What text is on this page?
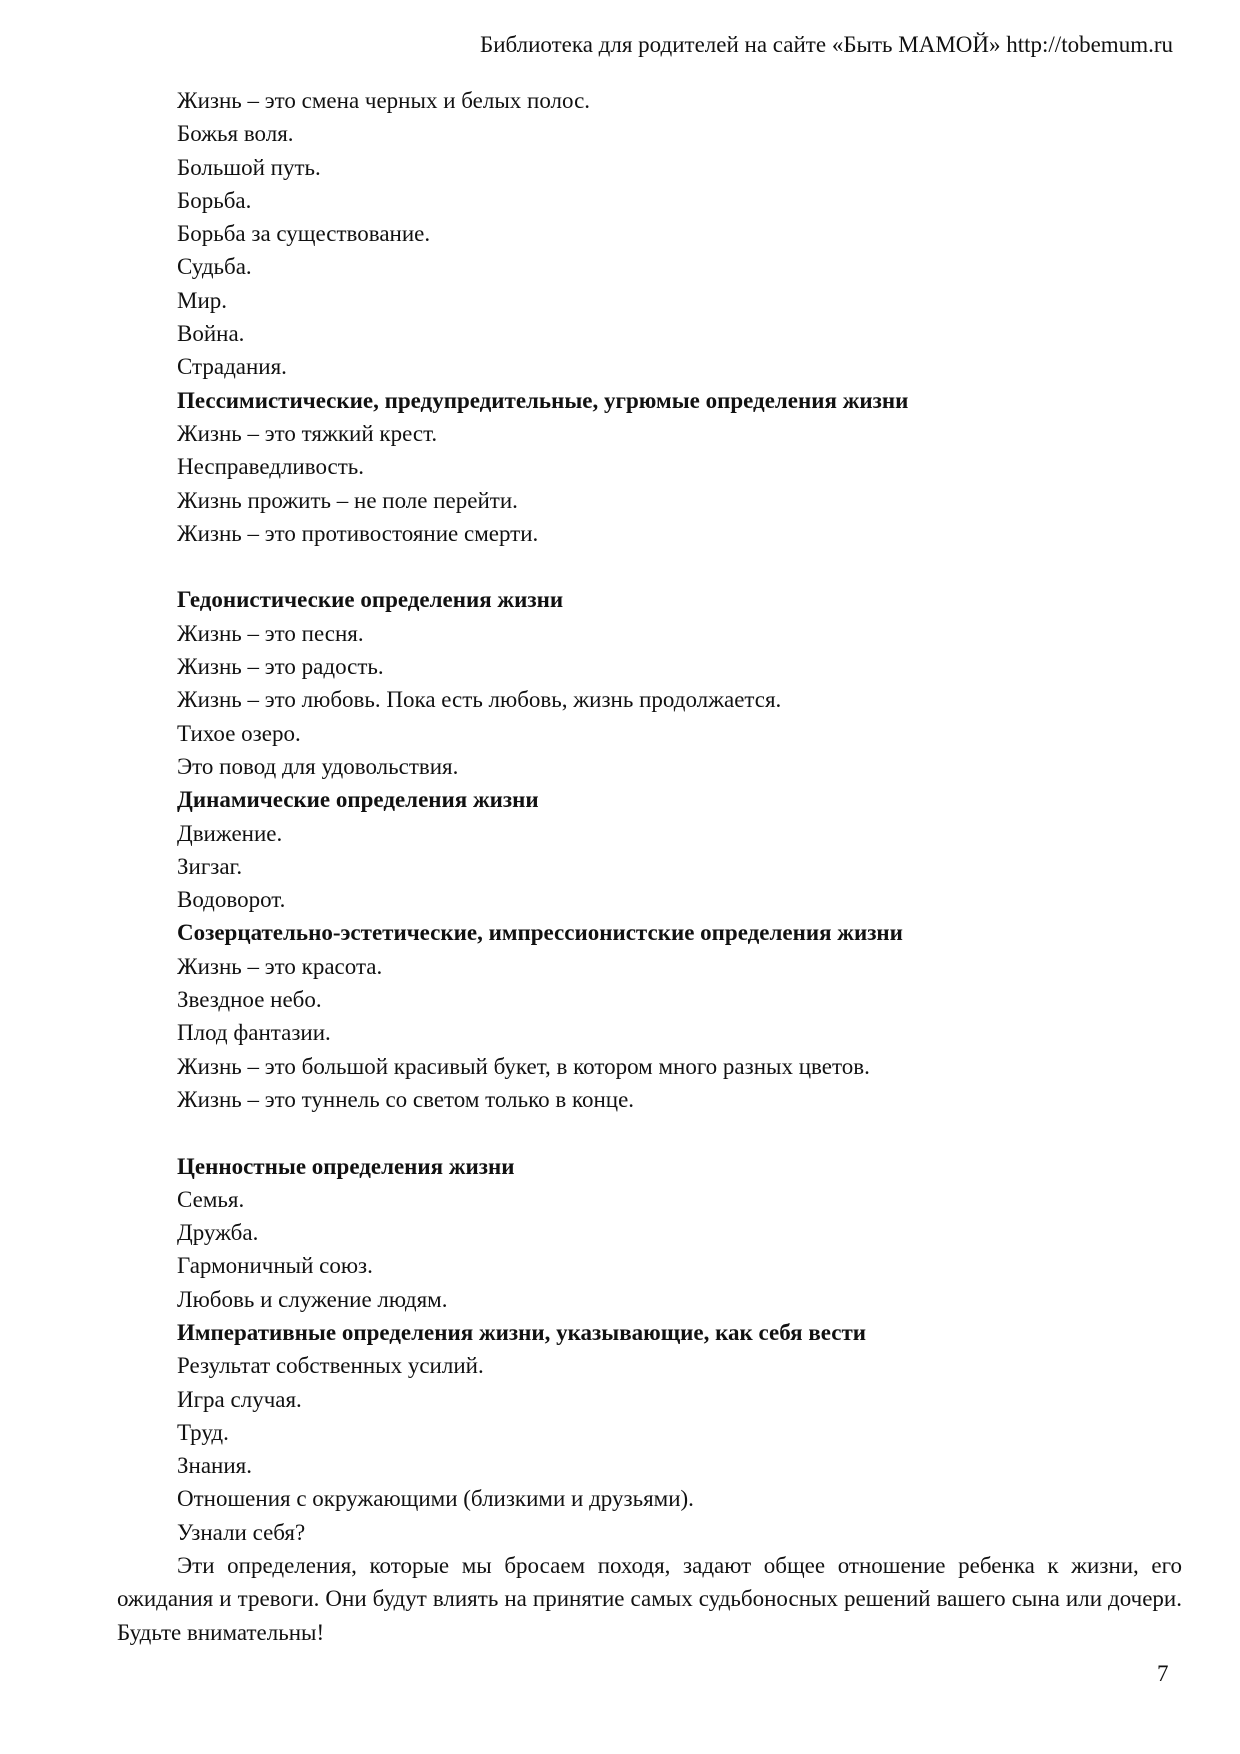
Библиотека для родителей на сайте «Быть МАМОЙ» http://tobemum.ru
Жизнь – это смена черных и белых полос.
Божья воля.
Большой путь.
Борьба.
Борьба за существование.
Судьба.
Мир.
Война.
Страдания.
Пессимистические, предупредительные, угрюмые определения жизни
Жизнь – это тяжкий крест.
Несправедливость.
Жизнь прожить – не поле перейти.
Жизнь – это противостояние смерти.
Гедонистические определения жизни
Жизнь – это песня.
Жизнь – это радость.
Жизнь – это любовь. Пока есть любовь, жизнь продолжается.
Тихое озеро.
Это повод для удовольствия.
Динамические определения жизни
Движение.
Зигзаг.
Водоворот.
Созерцательно-эстетические, импрессионистские определения жизни
Жизнь – это красота.
Звездное небо.
Плод фантазии.
Жизнь – это большой красивый букет, в котором много разных цветов.
Жизнь – это туннель со светом только в конце.
Ценностные определения жизни
Семья.
Дружба.
Гармоничный союз.
Любовь и служение людям.
Императивные определения жизни, указывающие, как себя вести
Результат собственных усилий.
Игра случая.
Труд.
Знания.
Отношения с окружающими (близкими и друзьями).
Узнали себя?

Эти определения, которые мы бросаем походя, задают общее отношение ребенка к жизни, его ожидания и тревоги. Они будут влиять на принятие самых судьбоносных решений вашего сына или дочери. Будьте внимательны!

7
